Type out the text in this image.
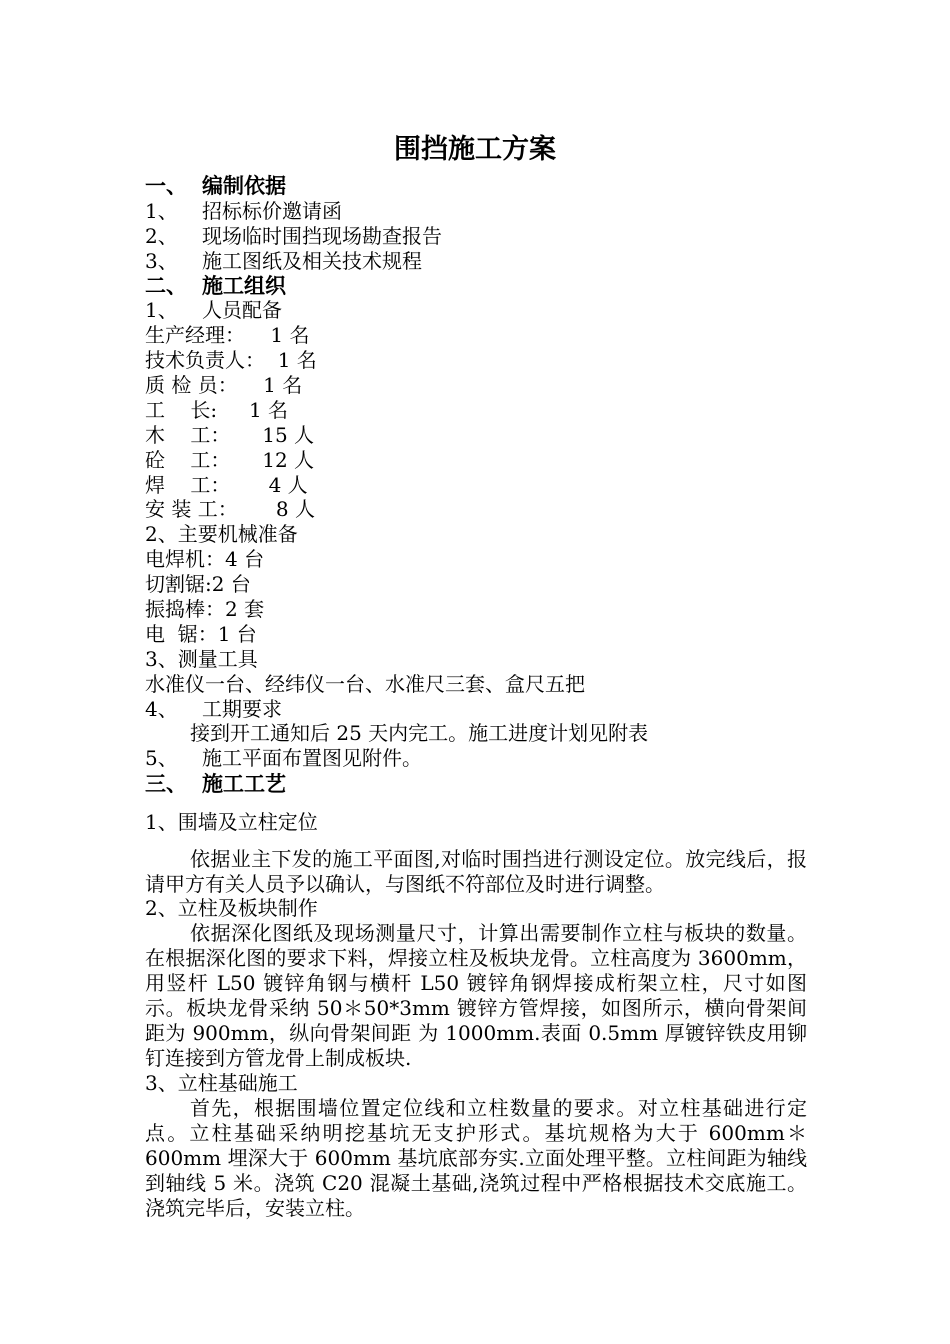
围挡施工方案
一、 编制依据
1、 招标标价邀请函
2、 现场临时围挡现场勘查报告
3、 施工图纸及相关技术规程
二、 施工组织
1、 人员配备
生产经理：    1 名
技术负责人：  1 名
质 检 员：    1 名
工    长:     1 名
木    工：     15 人
砼    工：     12 人
焊    工：      4 人
安 装 工：      8 人
2、主要机械准备
电焊机：4 台
切割锯:2 台
振捣棒：2 套
电  锯：1 台
3、测量工具
水准仪一台、经纬仪一台、水准尺三套、盒尺五把
4、 工期要求
接到开工通知后 25 天内完工。施工进度计划见附表
5、 施工平面布置图见附件。
三、 施工工艺
1、围墙及立柱定位
依据业主下发的施工平面图,对临时围挡进行测设定位。放完线后，报请甲方有关人员予以确认，与图纸不符部位及时进行调整。
2、立柱及板块制作
依据深化图纸及现场测量尺寸，计算出需要制作立柱与板块的数量。在根据深化图的要求下料，焊接立柱及板块龙骨。立柱高度为 3600mm，用竖杆 L50 镀锌角钢与横杆 L50 镀锌角钢焊接成桁架立柱，尺寸如图示。板块龙骨采纳 50＊50*3mm 镀锌方管焊接，如图所示，横向骨架间距为 900mm，纵向骨架间距 为 1000mm.表面 0.5mm 厚镀锌铁皮用铆钉连接到方管龙骨上制成板块.
3、立柱基础施工
首先，根据围墙位置定位线和立柱数量的要求。对立柱基础进行定点。立柱基础采纳明挖基坑无支护形式。基坑规格为大于 600mm＊600mm 埋深大于 600mm 基坑底部夯实.立面处理平整。立柱间距为轴线到轴线 5 米。浇筑 C20 混凝土基础,浇筑过程中严格根据技术交底施工。浇筑完毕后，安装立柱。
